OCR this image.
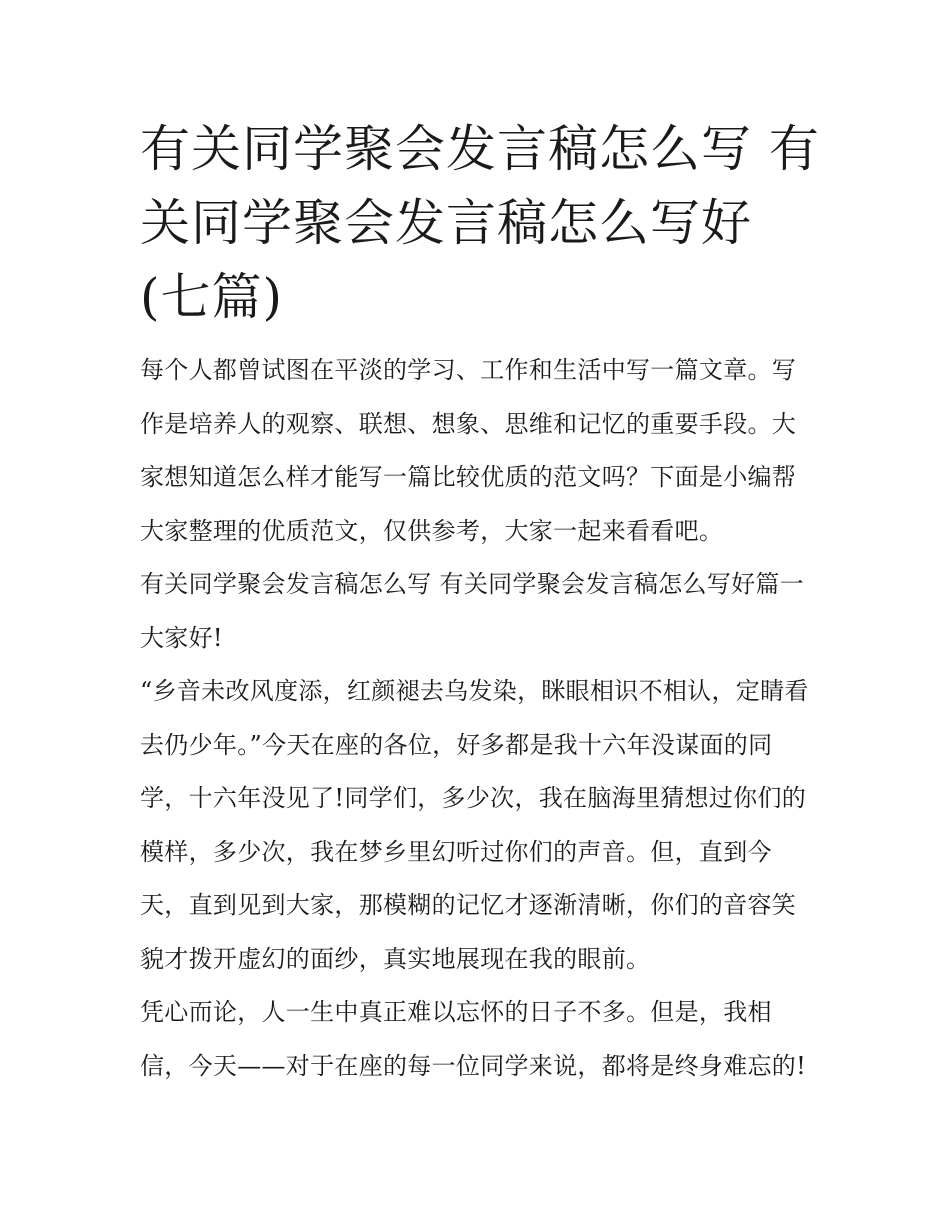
有关同学聚会发言稿怎么写 有关同学聚会发言稿怎么写好(七篇)

每个人都曾试图在平淡的学习、工作和生活中写一篇文章。写作是培养人的观察、联想、想象、思维和记忆的重要手段。大家想知道怎么样才能写一篇比较优质的范文吗？下面是小编帮大家整理的优质范文，仅供参考，大家一起来看看吧。

有关同学聚会发言稿怎么写 有关同学聚会发言稿怎么写好篇一 大家好!

“乡音未改风度添，红颜褪去乌发染，眯眼相识不相认，定睛看去仍少年。”今天在座的各位，好多都是我十六年没谋面的同学，十六年没见了!同学们，多少次，我在脑海里猜想过你们的模样，多少次，我在梦乡里幻听过你们的声音。但，直到今天，直到见到大家，那模糊的记忆才逐渐清晰，你们的音容笑貌才拨开虚幻的面纱，真实地展现在我的眼前。

凭心而论，人一生中真正难以忘怀的日子不多。但是，我相信，今天——对于在座的每一位同学来说，都将是终身难忘的!
